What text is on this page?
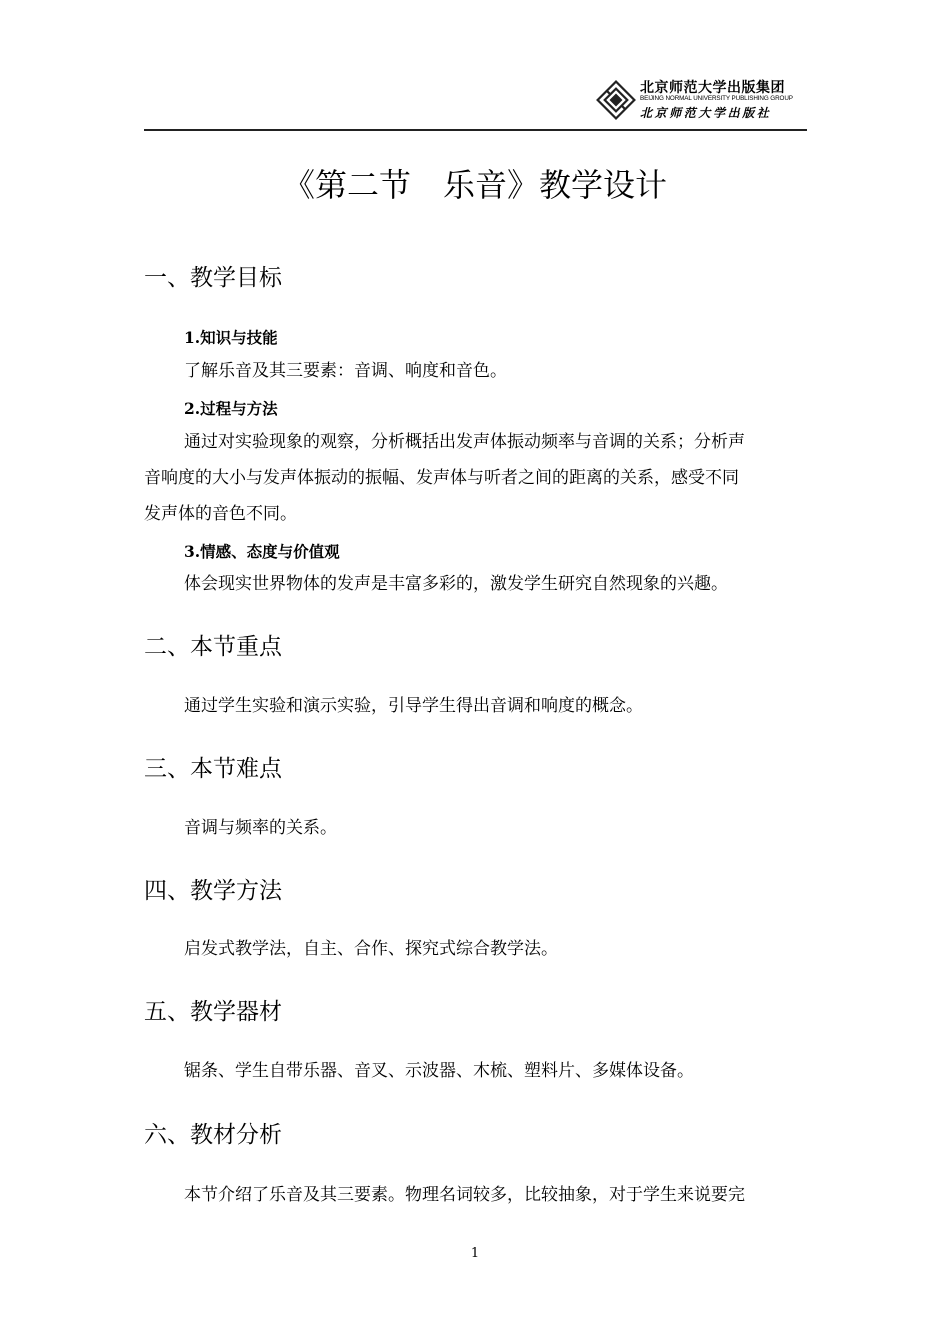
北京师范大学出版集团
BEIJING NORMAL UNIVERSITY PUBLISHING GROUP
北京师范大学出版社
《第二节　乐音》教学设计
一、教学目标
1.知识与技能
了解乐音及其三要素：音调、响度和音色。
2.过程与方法
通过对实验现象的观察，分析概括出发声体振动频率与音调的关系；分析声
音响度的大小与发声体振动的振幅、发声体与听者之间的距离的关系，感受不同
发声体的音色不同。
3.情感、态度与价值观
体会现实世界物体的发声是丰富多彩的，激发学生研究自然现象的兴趣。
二、本节重点
通过学生实验和演示实验，引导学生得出音调和响度的概念。
三、本节难点
音调与频率的关系。
四、教学方法
启发式教学法，自主、合作、探究式综合教学法。
五、教学器材
锯条、学生自带乐器、音叉、示波器、木梳、塑料片、多媒体设备。
六、教材分析
本节介绍了乐音及其三要素。物理名词较多，比较抽象，对于学生来说要完
1
